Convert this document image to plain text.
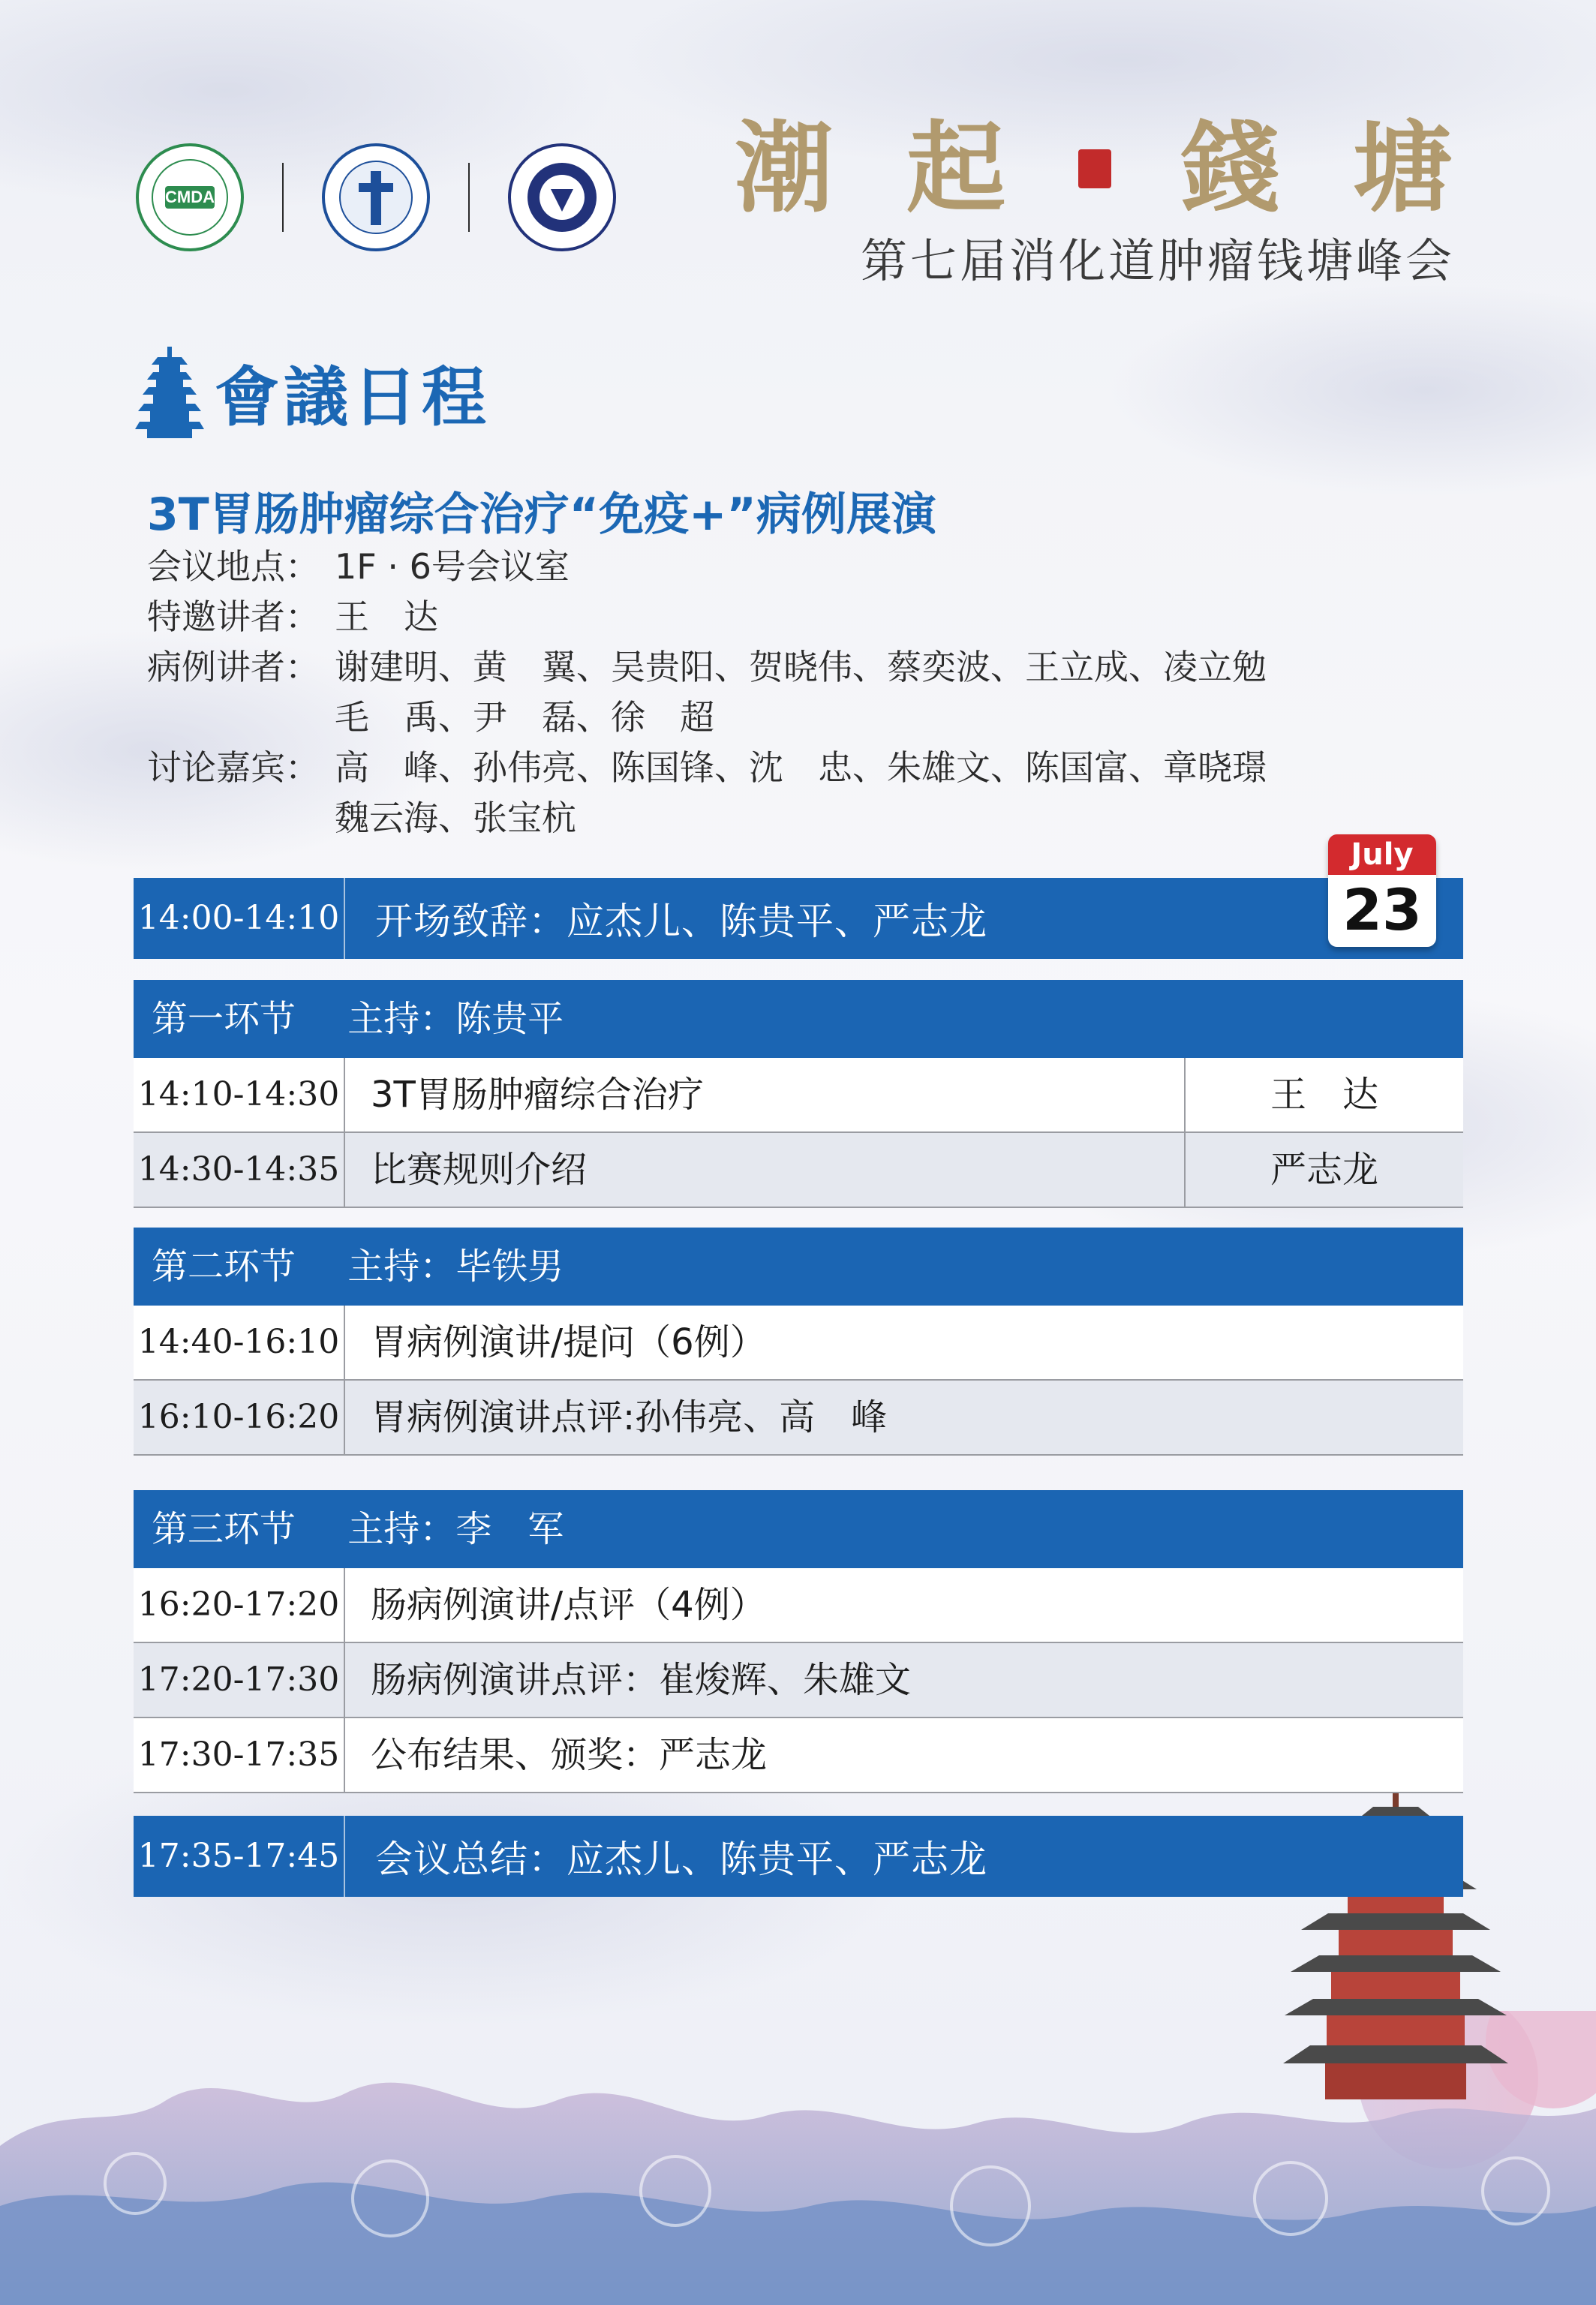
CMDA	潮 起 錢 塘
第七届消化道肿瘤钱塘峰会
會議日程
3T胃肠肿瘤综合治疗“免疫+”病例展演
会议地点： 1F · 6号会议室
特邀讲者： 王　达
病例讲者： 谢建明、黄　翼、吴贵阳、贺晓伟、蔡奕波、王立成、凌立勉
毛　禹、尹　磊、徐　超
讨论嘉宾： 高　峰、孙伟亮、陈国锋、沈　忠、朱雄文、陈国富、章晓璟
魏云海、张宝杭
July
23
14:00-14:10 开场致辞：应杰儿、陈贵平、严志龙
第一环节 主持：陈贵平
14:10-14:30 3T胃肠肿瘤综合治疗	王　达
14:30-14:35 比赛规则介绍	严志龙
第二环节 主持：毕铁男
14:40-16:10 胃病例演讲/提问（6例）
16:10-16:20 胃病例演讲点评:孙伟亮、高　峰
第三环节 主持：李　军
16:20-17:20 肠病例演讲/点评（4例）
17:20-17:30 肠病例演讲点评：崔焌辉、朱雄文
17:30-17:35 公布结果、颁奖：严志龙
17:35-17:45 会议总结：应杰儿、陈贵平、严志龙
